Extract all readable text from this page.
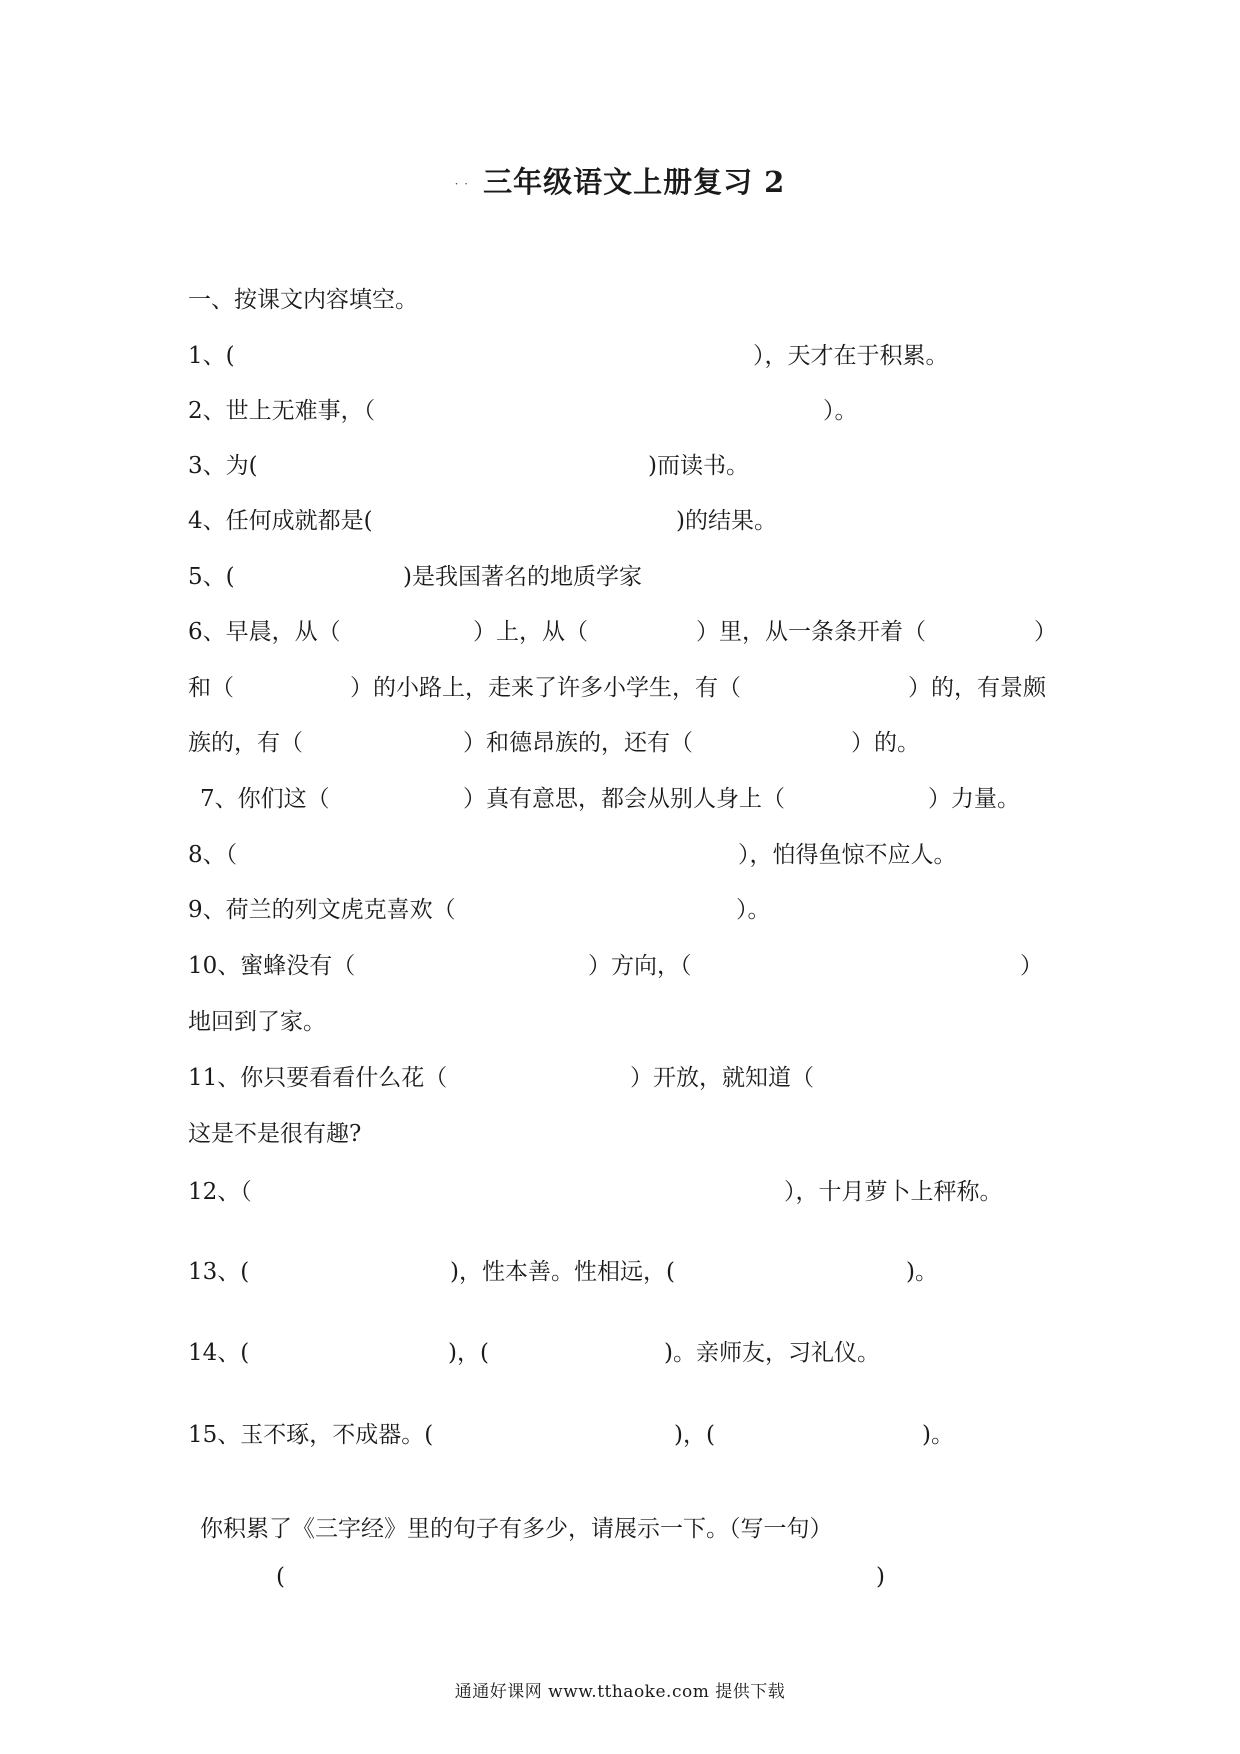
· · 三年级语文上册复习 2
一、按课文内容填空。
1、(	），天才在于积累。
2、世上无难事，（	）。
3、为(	)而读书。
4、任何成就都是(	)的结果。
5、(	)是我国著名的地质学家
6、早晨，从（	）上，从（	）里，从一条条开着（	）
和（	）的小路上，走来了许多小学生，有（	）的，有景颇
族的，有（	）和德昂族的，还有（	）的。
7、你们这（	）真有意思，都会从别人身上（	）力量。
8、（	），怕得鱼惊不应人。
9、荷兰的列文虎克喜欢（	）。
10、蜜蜂没有（	）方向，（	）
地回到了家。
11、你只要看看什么花（	）开放，就知道（
这是不是很有趣?
12、（	），十月萝卜上秤称。
13、(	)，性本善。性相远，(	)。
14、(	)，(	)。亲师友，习礼仪。
15、玉不琢，不成器。(	)，(	)。
你积累了《三字经》里的句子有多少，请展示一下。（写一句）
(	)
通通好课网 www.tthaoke.com 提供下载
